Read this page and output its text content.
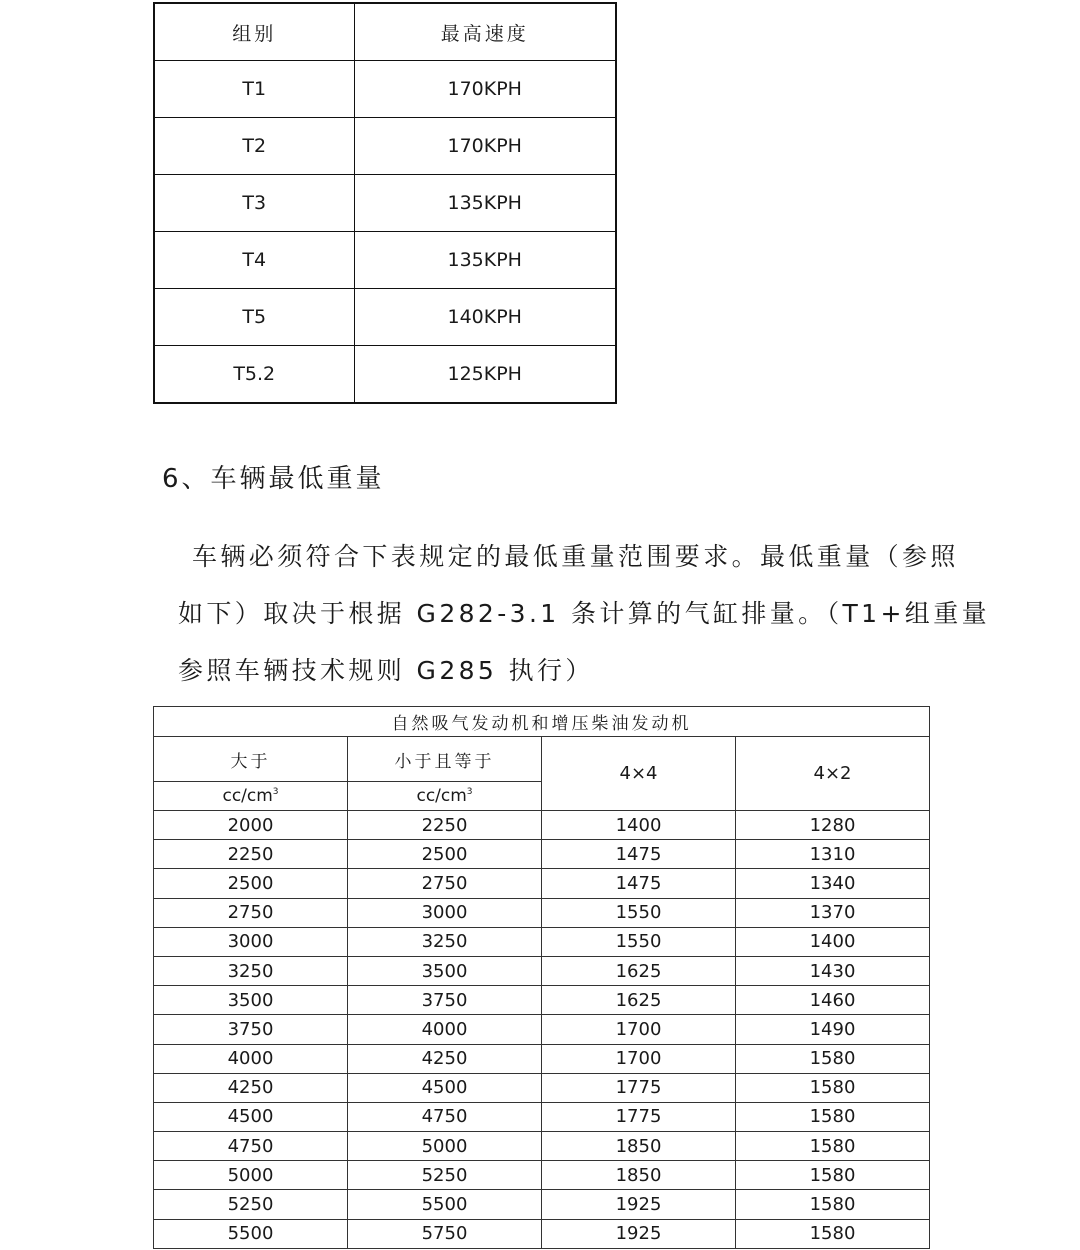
组别	最高速度
T1	170KPH
T2	170KPH
T3	135KPH
T4	135KPH
T5	140KPH
T5.2	125KPH
6、车辆最低重量

车辆必须符合下表规定的最低重量范围要求。最低重量（参照
如下）取决于根据 G282-3.1 条计算的气缸排量。（T1+组重量
参照车辆技术规则 G285 执行）

自然吸气发动机和增压柴油发动机			
大于	小于且等于	4×4	4×2
$cc/cm^3$	$cc/cm^3$
2000	2250	1400	1280
2250	2500	1475	1310
2500	2750	1475	1340
2750	3000	1550	1370
3000	3250	1550	1400
3250	3500	1625	1430
3500	3750	1625	1460
3750	4000	1700	1490
4000	4250	1700	1580
4250	4500	1775	1580
4500	4750	1775	1580
4750	5000	1850	1580
5000	5250	1850	1580
5250	5500	1925	1580
5500	5750	1925	1580
